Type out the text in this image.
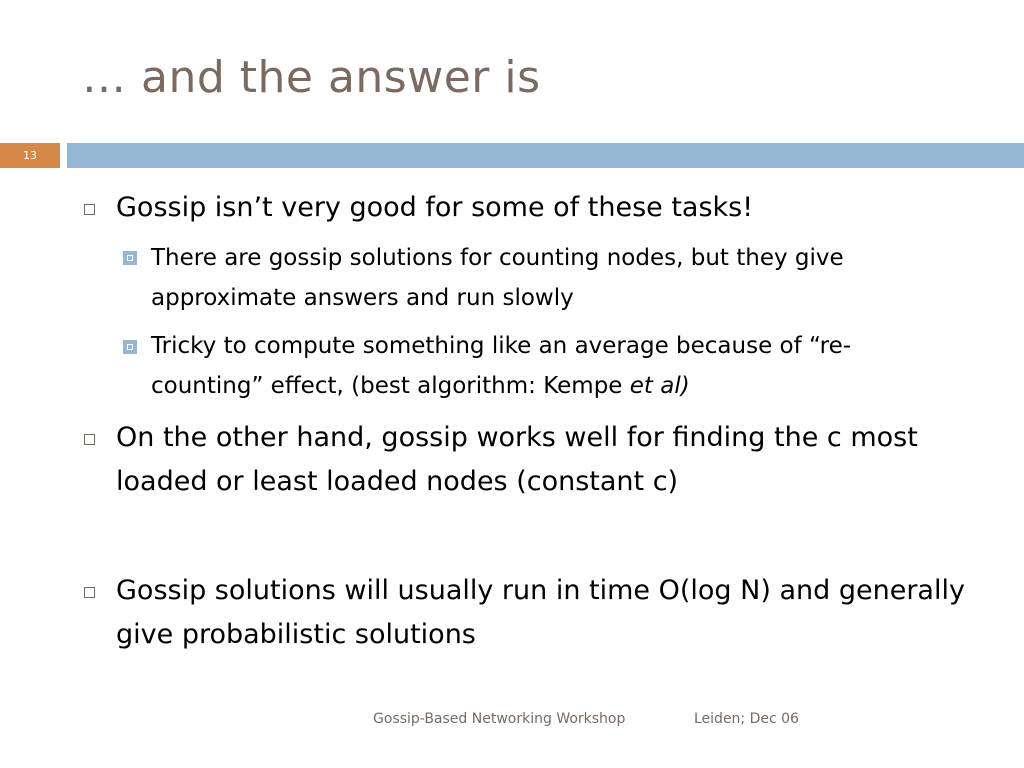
… and the answer is
13
Gossip isn’t very good for some of these tasks!
There are gossip solutions for counting nodes, but they give approximate answers and run slowly
Tricky to compute something like an average because of “re-counting” effect, (best algorithm: Kempe et al)
On the other hand, gossip works well for finding the c most loaded or least loaded nodes (constant c)
Gossip solutions will usually run in time O(log N) and generally give probabilistic solutions
Gossip-Based Networking Workshop	Leiden; Dec 06
